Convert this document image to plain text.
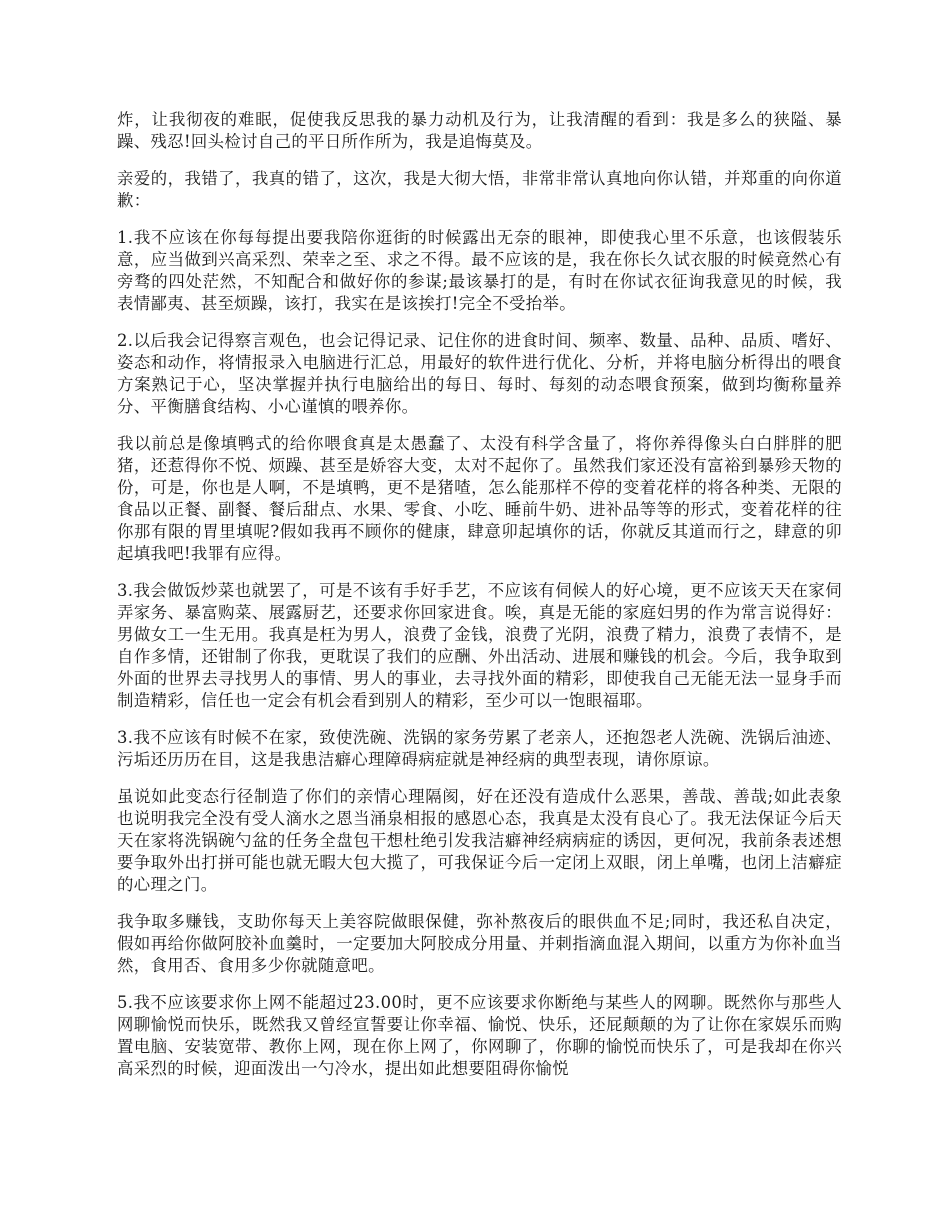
炸，让我彻夜的难眠，促使我反思我的暴力动机及行为，让我清醒的看到：我是多么的狭隘、暴躁、残忍!回头检讨自己的平日所作所为，我是追悔莫及。

亲爱的，我错了，我真的错了，这次，我是大彻大悟，非常非常认真地向你认错，并郑重的向你道歉：

1.我不应该在你每每提出要我陪你逛街的时候露出无奈的眼神，即使我心里不乐意，也该假装乐意，应当做到兴高采烈、荣幸之至、求之不得。最不应该的是，我在你长久试衣服的时候竟然心有旁骛的四处茫然，不知配合和做好你的参谋;最该暴打的是，有时在你试衣征询我意见的时候，我表情鄙夷、甚至烦躁，该打，我实在是该挨打!完全不受抬举。

2.以后我会记得察言观色，也会记得记录、记住你的进食时间、频率、数量、品种、品质、嗜好、姿态和动作，将情报录入电脑进行汇总，用最好的软件进行优化、分析，并将电脑分析得出的喂食方案熟记于心，坚决掌握并执行电脑给出的每日、每时、每刻的动态喂食预案，做到均衡称量养分、平衡膳食结构、小心谨慎的喂养你。

我以前总是像填鸭式的给你喂食真是太愚蠢了、太没有科学含量了，将你养得像头白白胖胖的肥猪，还惹得你不悦、烦躁、甚至是娇容大变，太对不起你了。虽然我们家还没有富裕到暴殄天物的份，可是，你也是人啊，不是填鸭，更不是猪喳，怎么能那样不停的变着花样的将各种类、无限的食品以正餐、副餐、餐后甜点、水果、零食、小吃、睡前牛奶、进补品等等的形式，变着花样的往你那有限的胃里填呢?假如我再不顾你的健康，肆意卯起填你的话，你就反其道而行之，肆意的卯起填我吧!我罪有应得。

3.我会做饭炒菜也就罢了，可是不该有手好手艺，不应该有伺候人的好心境，更不应该天天在家伺弄家务、暴富购菜、展露厨艺，还要求你回家进食。唉，真是无能的家庭妇男的作为常言说得好：男做女工一生无用。我真是枉为男人，浪费了金钱，浪费了光阴，浪费了精力，浪费了表情不，是自作多情，还钳制了你我，更耽误了我们的应酬、外出活动、进展和赚钱的机会。今后，我争取到外面的世界去寻找男人的事情、男人的事业，去寻找外面的精彩，即使我自己无能无法一显身手而制造精彩，信任也一定会有机会看到别人的精彩，至少可以一饱眼福耶。

3.我不应该有时候不在家，致使洗碗、洗锅的家务劳累了老亲人，还抱怨老人洗碗、洗锅后油迹、污垢还历历在目，这是我患洁癖心理障碍病症就是神经病的典型表现，请你原谅。

虽说如此变态行径制造了你们的亲情心理隔阂，好在还没有造成什么恶果，善哉、善哉;如此表象也说明我完全没有受人滴水之恩当涌泉相报的感恩心态，我真是太没有良心了。我无法保证今后天天在家将洗锅碗勺盆的任务全盘包干想杜绝引发我洁癖神经病病症的诱因，更何况，我前条表述想要争取外出打拼可能也就无暇大包大揽了，可我保证今后一定闭上双眼，闭上单嘴，也闭上洁癖症的心理之门。

我争取多赚钱，支助你每天上美容院做眼保健，弥补熬夜后的眼供血不足;同时，我还私自决定，假如再给你做阿胶补血羹时，一定要加大阿胶成分用量、并刺指滴血混入期间，以重方为你补血当然，食用否、食用多少你就随意吧。

5.我不应该要求你上网不能超过23.00时，更不应该要求你断绝与某些人的网聊。既然你与那些人网聊愉悦而快乐，既然我又曾经宣誓要让你幸福、愉悦、快乐，还屁颠颠的为了让你在家娱乐而购置电脑、安装宽带、教你上网，现在你上网了，你网聊了，你聊的愉悦而快乐了，可是我却在你兴高采烈的时候，迎面泼出一勺冷水，提出如此想要阻碍你愉悦
